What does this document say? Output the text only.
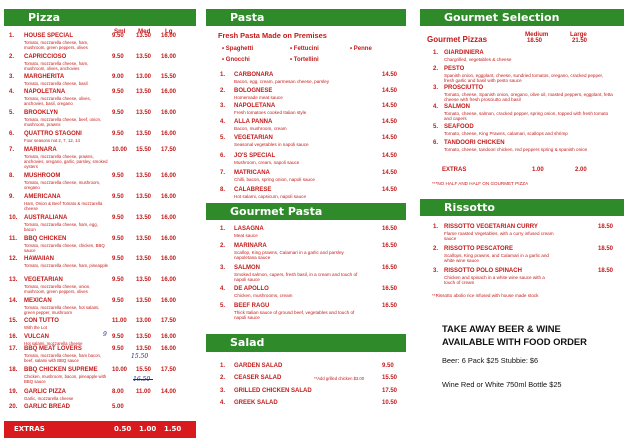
Pizza
Sml Med Lg
1. HOUSE SPECIAL
Tomato, mozzarella cheese, ham, mushroom, green peppers, olives
9.50 13.50 16.00
2. CAPRICCIOSO
Tomato, mozzarella cheese, ham, mushroom, olives, anchovies
9.50 13.50 16.00
3. MARGHERITA
Tomato, mozzarella cheese, basil
9.00 13.00 15.50
4. NAPOLETANA
Tomato, mozzarella cheese, olives, anchovies, basil, oregano
9.50 13.50 16.00
5. BROOKLYN
Tomato, mozzarella cheese, beef, onion, mushroom, prawns
9.50 13.50 16.00
6. QUATTRO STAGONI
Four seasons not 2, 7, 12, 14
9.50 13.50 16.00
7. MARINARA
Tomato, mozzarella cheese, prawns, anchovies, oregano, garlic, parsley, smoked oysters
10.00 15.50 17.50
8. MUSHROOM
Tomato, mozzarella cheese, mushroom, oregano
9.50 13.50 16.00
9. AMERICANA
Ham, Onion & Beef Tomato & mozzarella cheese
9.50 13.50 16.00
10. AUSTRALIANA
Tomato, mozzarella cheese, ham, egg, bacon
9.50 13.50 16.00
11. BBQ CHICKEN
Tomato, mozzarella cheese, chicken, BBQ sauce
9.50 13.50 16.00
12. HAWAIIAN
Tomato, mozzarella cheese, ham, pineapple
9.50 13.50 16.00
13. VEGETARIAN
Tomato, mozzarella cheese, onion, mushroom, green peppers, olives
9.50 13.50 16.00
14. MEXICAN
Tomato, mozzarella cheese, hot salami, green pepper, mushroom
9.50 13.50 16.00
15. CON TUTTO
With the Lot
11.00 13.00 17.50
16. VULCAN
Hot salami, mozzarella cheese
9.50 13.50 16.00
17. BBQ MEAT LOVERS
Tomato, mozzarella cheese, ham bacon, beef, salami with BBQ sauce
9.50 13.50 16.00
18. BBQ CHICKEN SUPREME
Chicken, mushroom, bacon, pineapple with BBQ sauce
10.00 15.50 17.50
19. GARLIC PIZZA
Garlic, mozzarella cheese
8.00 11.00 14.00
20. GARLIC BREAD	5.00
EXTRAS	0.50 1.00 1.50
9
15.50
Pasta
Fresh Pasta Made on Premises
• Spaghetti	• Fettucini	• Penne
• Gnocchi	• Tortellini
1. CARBONARA
Bacon, egg, cream, parmesan cheese, parsley
14.50
2. BOLOGNESE
Homemade meat sauce
14.50
3. NAPOLETANA
Fresh tomatoes cooked Italian style
14.50
4. ALLA PANNA
Bacon, mushroom, cream
14.50
5. VEGETARIAN
Seasonal vegetables in napoli sauce
14.50
6. JO'S SPECIAL
Mushroom, cream, napoli sauce
14.50
7. MATRICANA
Chilli, bacon, spring onion, napoli sauce
14.50
8. CALABRESE
Hot salami, capsicum, napoli sauce
14.50
Gourmet Pasta
1. LASAGNA
Meat sauce
16.50
2. MARINARA
Scallop, King prawns, Calamari in a garlic and parsley napoletana sauce
16.50
3. SALMON
Smoked salmon, capers, fresh basil, in a cream and touch of napoli sauce
16.50
4. DE APOLLO
Chicken, mushrooms, cream
16.50
5. BEEF RAGU
Thick Italian sauce of ground beef, vegetables and touch of napoli sauce
16.50
Salad
1. GARDEN SALAD	9.50
2. CEASER SALAD	**Add grilled chicken $3.00	15.50
3. GRILLED CHICKEN SALAD	17.50
4. GREEK SALAD	10.50
Gourmet Selection
Gourmet Pizzas
Medium	Large
18.50	21.50
1. GIARDINIERA
Chargrilled, vegetables & cheese
2. PESTO
Spanish onion, eggplant, cheese, sundried tomatos, oregano, cracked pepper, fresh garlic and basil with pesto sauce
3. PROSCIUTTO
Tomato, cheese, Spanish onion, oregano, olive oil, roasted peppers, eggplant, fetta cheese with fresh prosciutto and basil
4. SALMON
Tomato, cheese, salmon, cracked pepper, spring onion, topped with fresh tomato and capers
5. SEAFOOD
Tomato, cheese, King Prawns, calamari, scallops and shrimp
6. TANDOORI CHICKEN
Tomato, cheese, tandoori chicken, red peppers spring & spanish onion
EXTRAS	1.00	2.00
***NO HALF AND HALF ON GOURMET PIZZA
Rissotto
1. RISSOTTO VEGETARIAN CURRY
Flame roasted Vegetables, with a curry infused cream sauce
18.50
2. RISSOTTO PESCATORE
Scallops, King prawns, and Calamari in a garlic and white wine sauce
18.50
3. RISSOTTO POLO SPINACH
Chicken and spinach in a white wine sauce with a touch of cream
18.50
**Rissotto abolio rice infused with house made stock
TAKE AWAY BEER & WINE
AVAILABLE WITH FOOD ORDER
Beer: 6 Pack $25 Stubbie: $6
Wine Red or White 750ml Bottle $25
